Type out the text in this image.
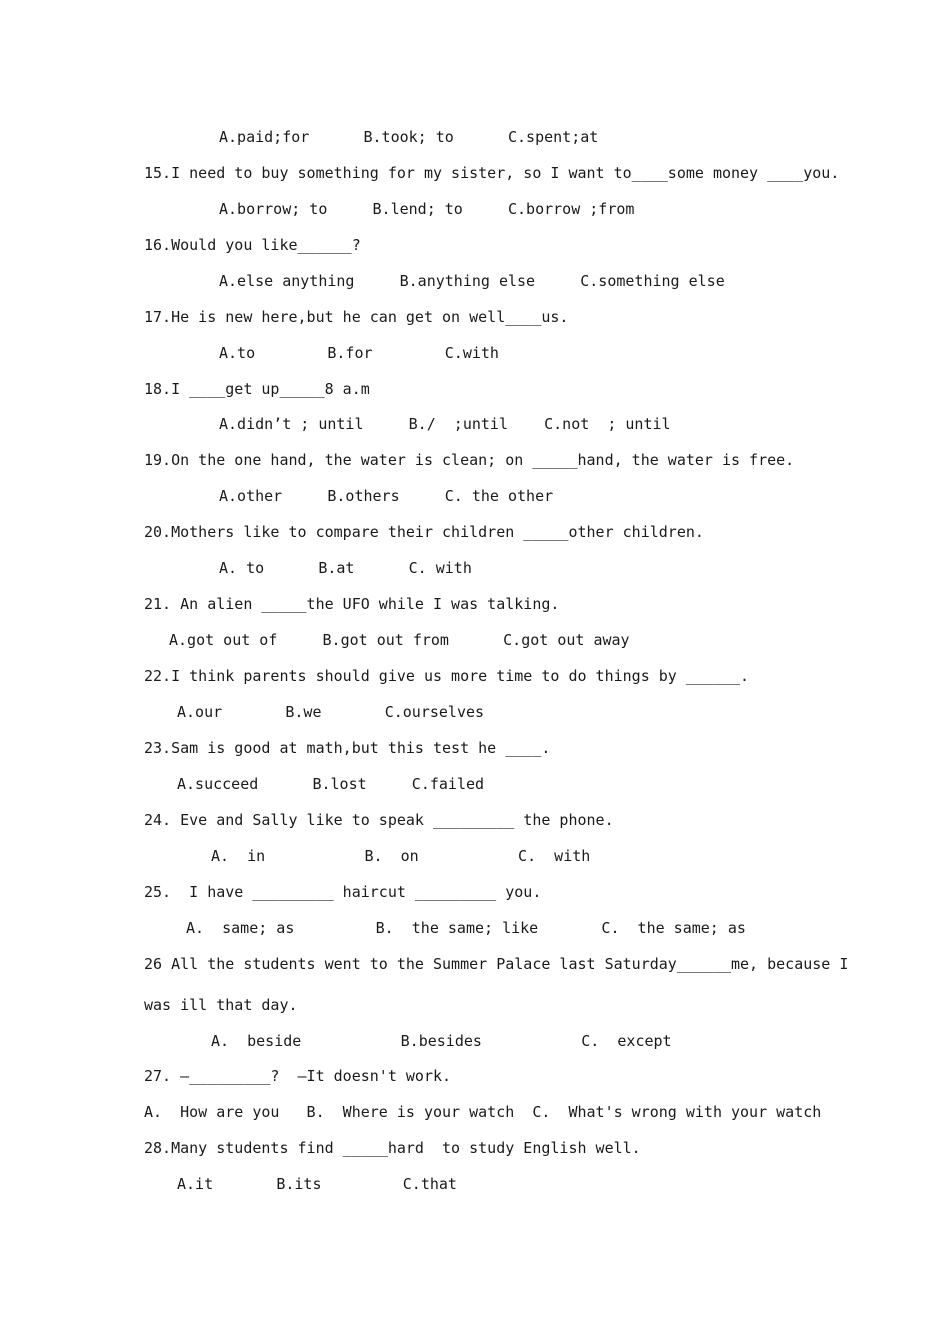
A.paid;for      B.took; to      C.spent;at
15.I need to buy something for my sister, so I want to____some money ____you.
A.borrow; to     B.lend; to     C.borrow ;from
16.Would you like______?
A.else anything     B.anything else     C.something else
17.He is new here,but he can get on well____us.
A.to        B.for        C.with
18.I ____get up_____8 a.m
A.didn’t ; until     B./  ;until    C.not  ; until
19.On the one hand, the water is clean; on _____hand, the water is free.
A.other     B.others     C. the other
20.Mothers like to compare their children _____other children.
A. to      B.at      C. with
21. An alien _____the UFO while I was talking.
A.got out of     B.got out from      C.got out away
22.I think parents should give us more time to do things by ______.
A.our       B.we       C.ourselves
23.Sam is good at math,but this test he ____.
A.succeed      B.lost     C.failed
24. Eve and Sally like to speak _________ the phone.
A.  in           B.  on           C.  with
25.  I have _________ haircut _________ you.
A.  same; as         B.  the same; like       C.  the same; as
26 All the students went to the Summer Palace last Saturday______me, because I
was ill that day.
A.  beside           B.besides           C.  except
27. —_________?  —It doesn't work.
A.  How are you   B.  Where is your watch  C.  What's wrong with your watch
28.Many students find _____hard  to study English well.
A.it       B.its         C.that
